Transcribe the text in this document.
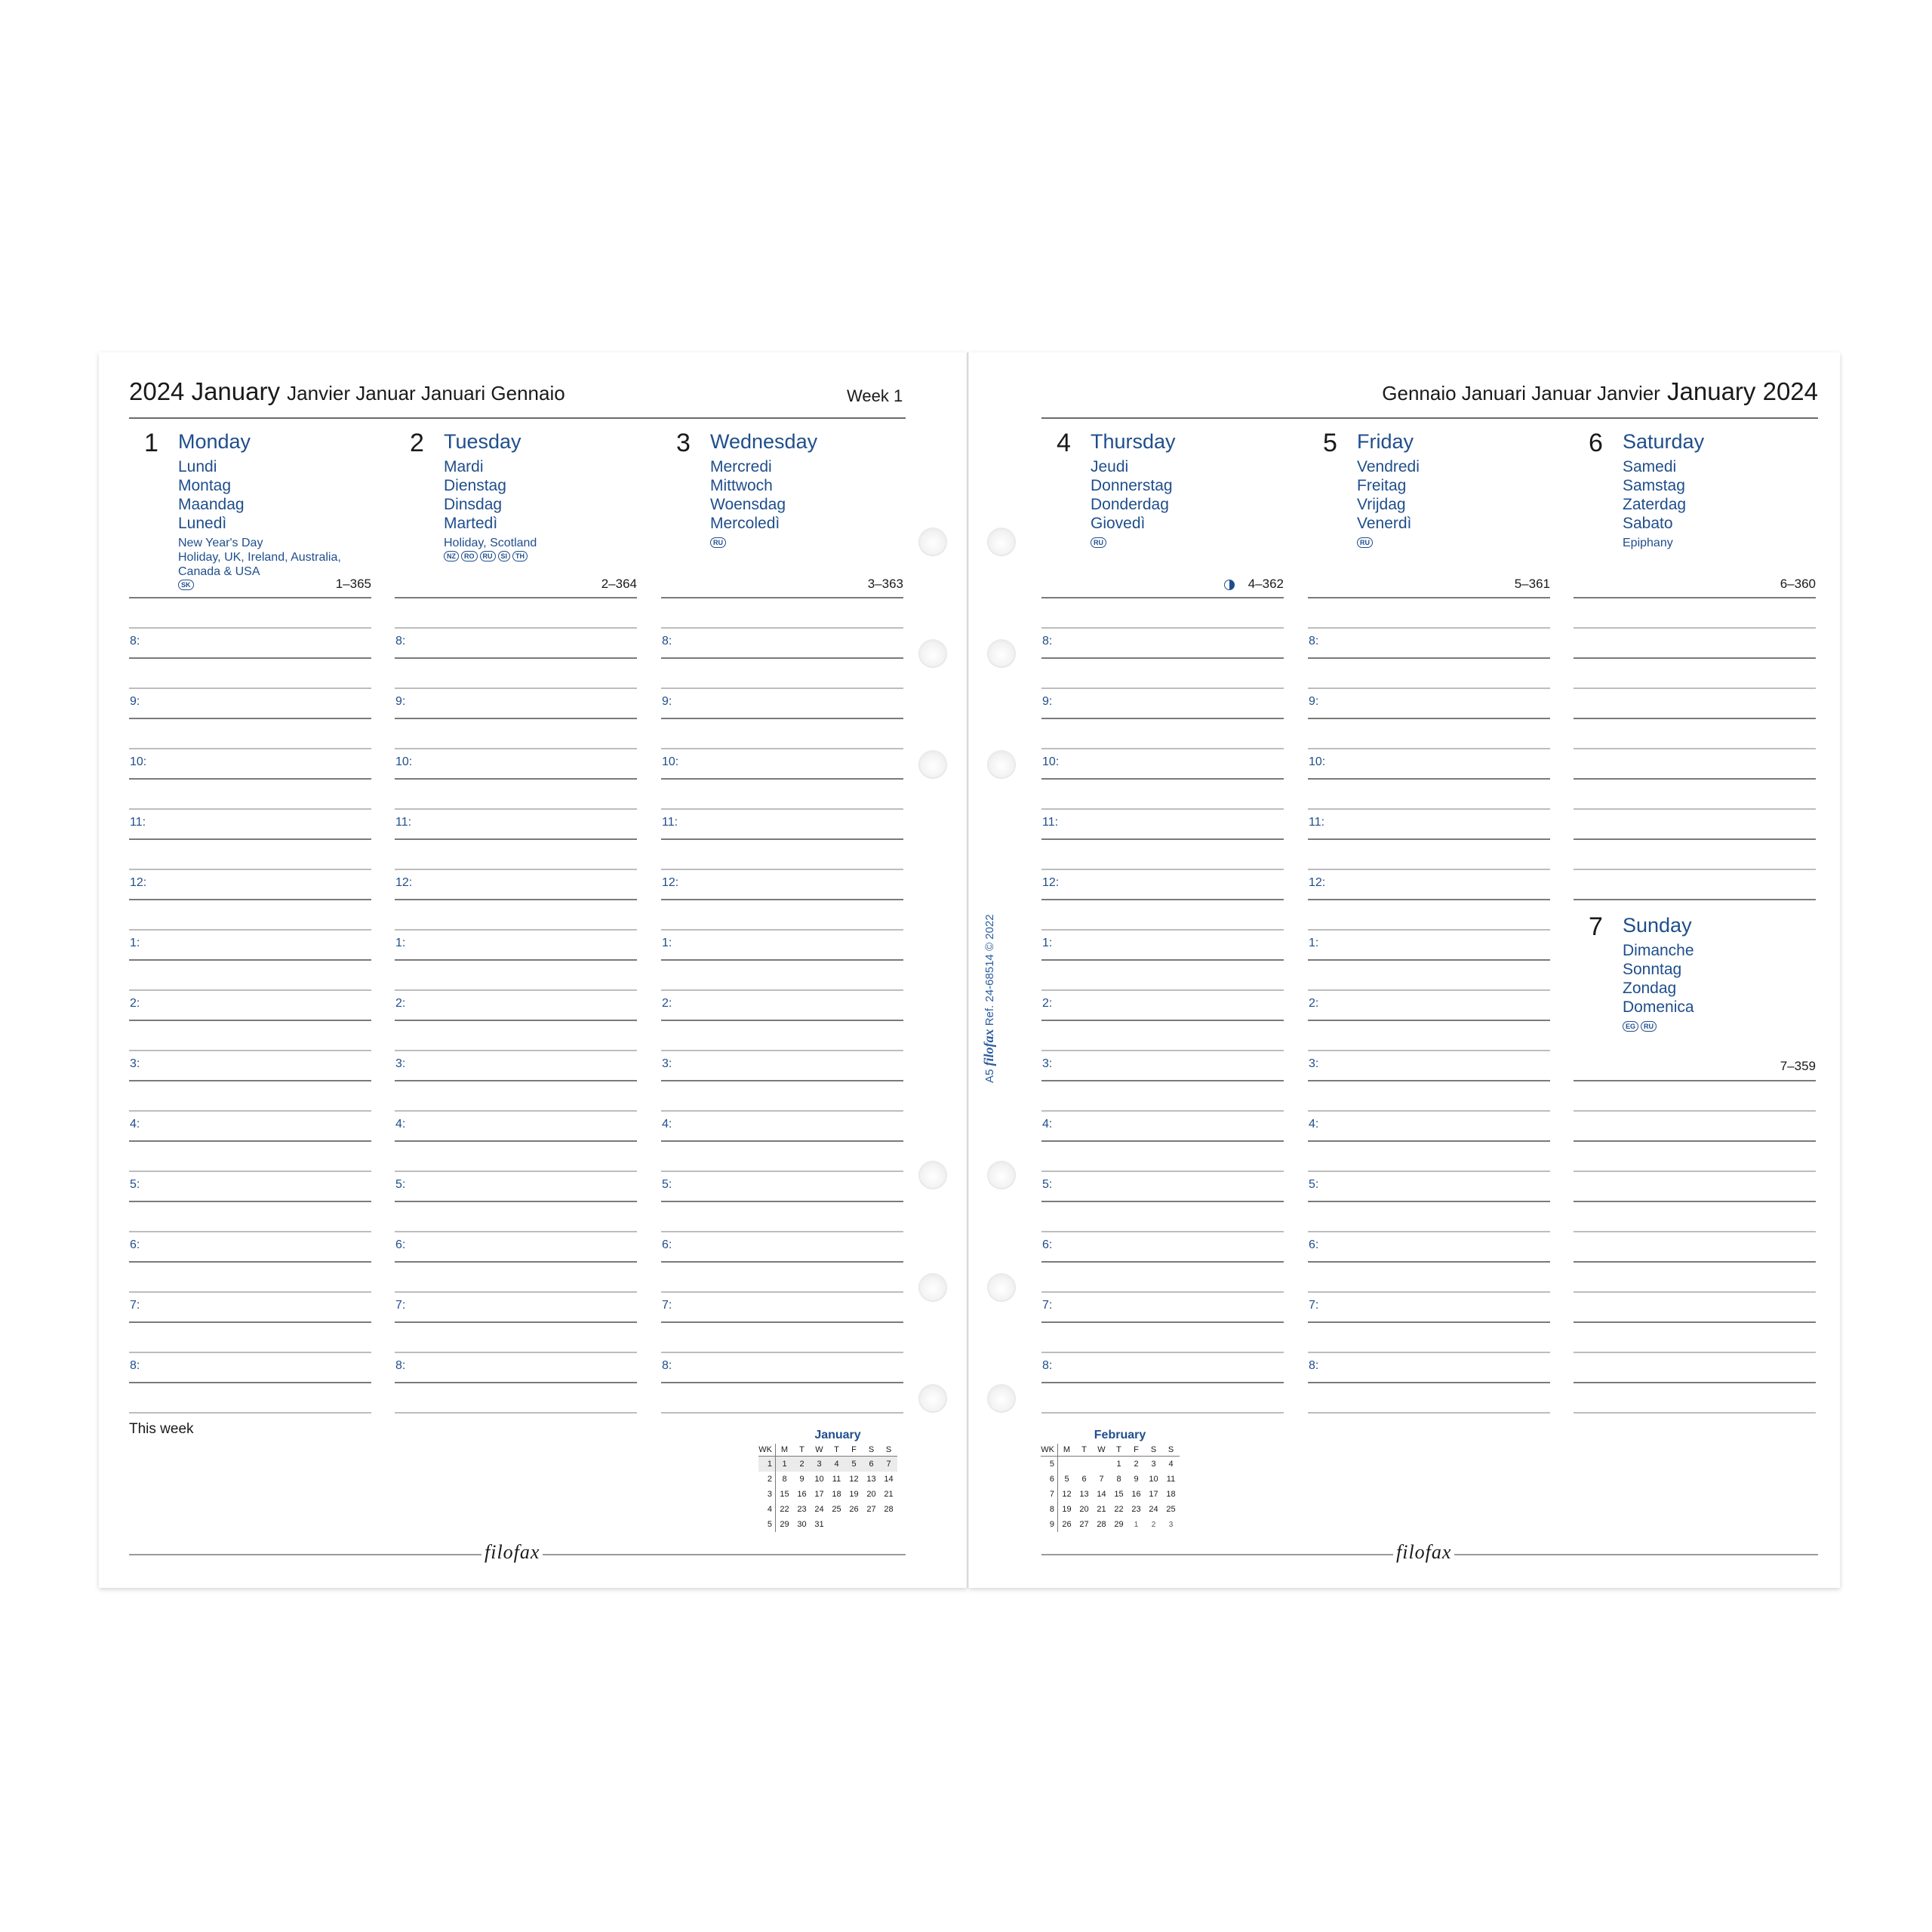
2024 January Janvier Januar Januari Gennaio	Week 1	Gennaio Januari Januar Janvier January 2024
1 Monday
Lundi
Montag
Maandag
Lunedì
New Year's Day
Holiday, UK, Ireland, Australia,
Canada & USA
SK	1–365
8:
9:
10:
11:
12:
1:
2:
3:
4:
5:
6:
7:
8:
2 Tuesday
Mardi
Dienstag
Dinsdag
Martedì
Holiday, Scotland
NZ	RO	RU	SI	TH
2–364
8:
9:
10:
11:
12:
1:
2:
3:
4:
5:
6:
7:
8:
3 Wednesday
Mercredi
Mittwoch
Woensdag
Mercoledì
RU
3–363
8:
9:
10:
11:
12:
1:
2:
3:
4:
5:
6:
7:
8:
4 Thursday
Jeudi
Donnerstag
Donderdag
Giovedì
RU
4–362
8:
9:
10:
11:
12:
1:
2:
3:
4:
5:
6:
7:
8:
5 Friday
Vendredi
Freitag
Vrijdag
Venerdì
RU
5–361
8:
9:
10:
11:
12:
1:
2:
3:
4:
5:
6:
7:
8:
6 Saturday
Samedi
Samstag
Zaterdag
Sabato
Epiphany
6–360
7 Sunday
Dimanche
Sonntag
Zondag
Domenica
EG	RU
7–359
This week	January
WK	M	T	W	T	F	S	S
1	1	2	3	4	5	6	7
2	8	9	10	11	12	13	14
3	15	16	17	18	19	20	21
4	22	23	24	25	26	27	28
5	29	30	31				
February
WK	M	T	W	T	F	S	S
5				1	2	3	4
6	5	6	7	8	9	10	11
7	12	13	14	15	16	17	18
8	19	20	21	22	23	24	25
9	26	27	28	29	1	2	3
filofax	filofax
A5 filofax Ref. 24-68514 © 2022
